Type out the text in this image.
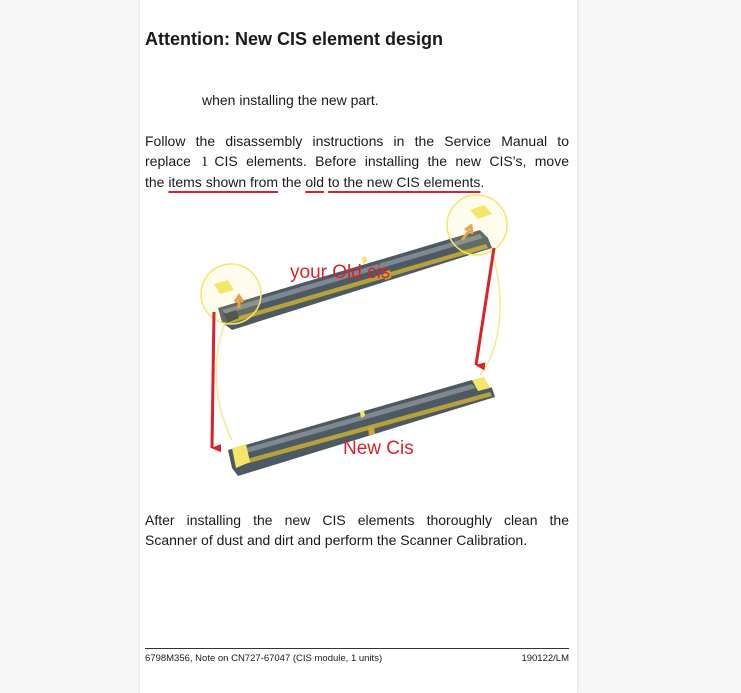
Attention: New CIS element design
when installing the new part.
Follow the disassembly instructions in the Service Manual to
replace 1 CIS elements. Before installing the new CIS’s, move
the items shown from the old to the new CIS elements.
your Old cis
New Cis
After installing the new CIS elements thoroughly clean the
Scanner of dust and dirt and perform the Scanner Calibration.
6798M356, Note on CN727-67047 (CIS module, 1 units)	190122/LM
